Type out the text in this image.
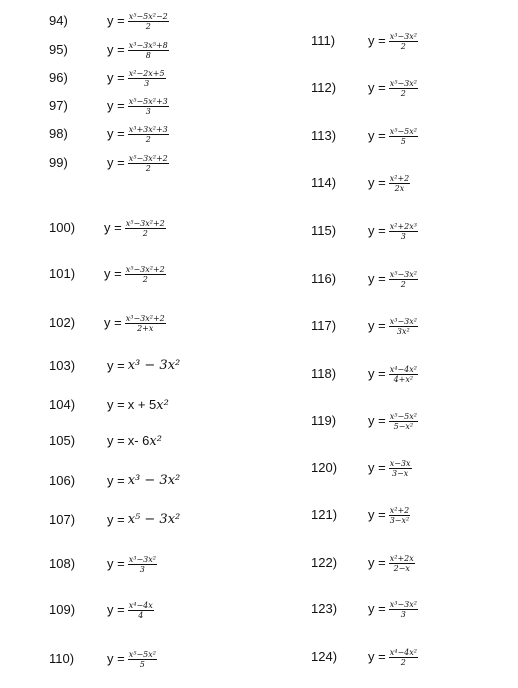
94)	$y = \frac{\text{x⁵−5x²−2}}{2}$
95)	$y = \frac{\text{x³−3x⁵+8}}{8}$
96)	$y = \frac{\text{x²−2x+5}}{3}$
97)	$y = \frac{\text{x⁵−5x²+3}}{3}$
98)	$y = \frac{\text{x³+3x²+3}}{2}$
99)	$y = \frac{\text{x⁵−3x²+2}}{2}$
100) $y = \frac{\text{x⁵−3x²+2}}{2}$
101) $y = \frac{\text{x⁵−3x²+2}}{2}$
102) $y = \frac{\text{x³−3x²+2}}{2+x}$
103) y = x³ − 3x²
104) y = x + 5x²
105) y = x- 6x²
106) y = x³ − 3x²
107) y = x⁵ − 3x²
108) $y = \frac{\text{x³−3x²}}{3}$
109) $y = \frac{\text{x⁴−4x}}{4}$
110)	$y = \frac{\text{x⁵−5x²}}{5}$
111)	$y = \frac{\text{x³−3x²}}{2}$
112) $y = \frac{\text{x⁵−3x²}}{2}$
113) $y = \frac{\text{x⁵−5x²}}{5}$
114) $y = \frac{\text{x²+2}}{2x}$
115) $y = \frac{\text{x²+2x³}}{3}$
116) $y = \frac{\text{x⁵−3x²}}{2}$
117) $y = \frac{\text{x³−3x²}}{\text{3x²}}$
118) $y = \frac{\text{x⁴−4x²}}{\text{4+x²}}$
119) $y = \frac{\text{x⁵−5x²}}{\text{5−x²}}$
120) $y = \frac{x-3x}{3-x}$
121) $y = \frac{\text{x²+2}}{\text{3−x²}}$
122) $y = \frac{\text{x²+2x}}{2-x}$
123) $y = \frac{\text{x³−3x²}}{3}$
124) $y = \frac{\text{x⁴−4x²}}{2}$
